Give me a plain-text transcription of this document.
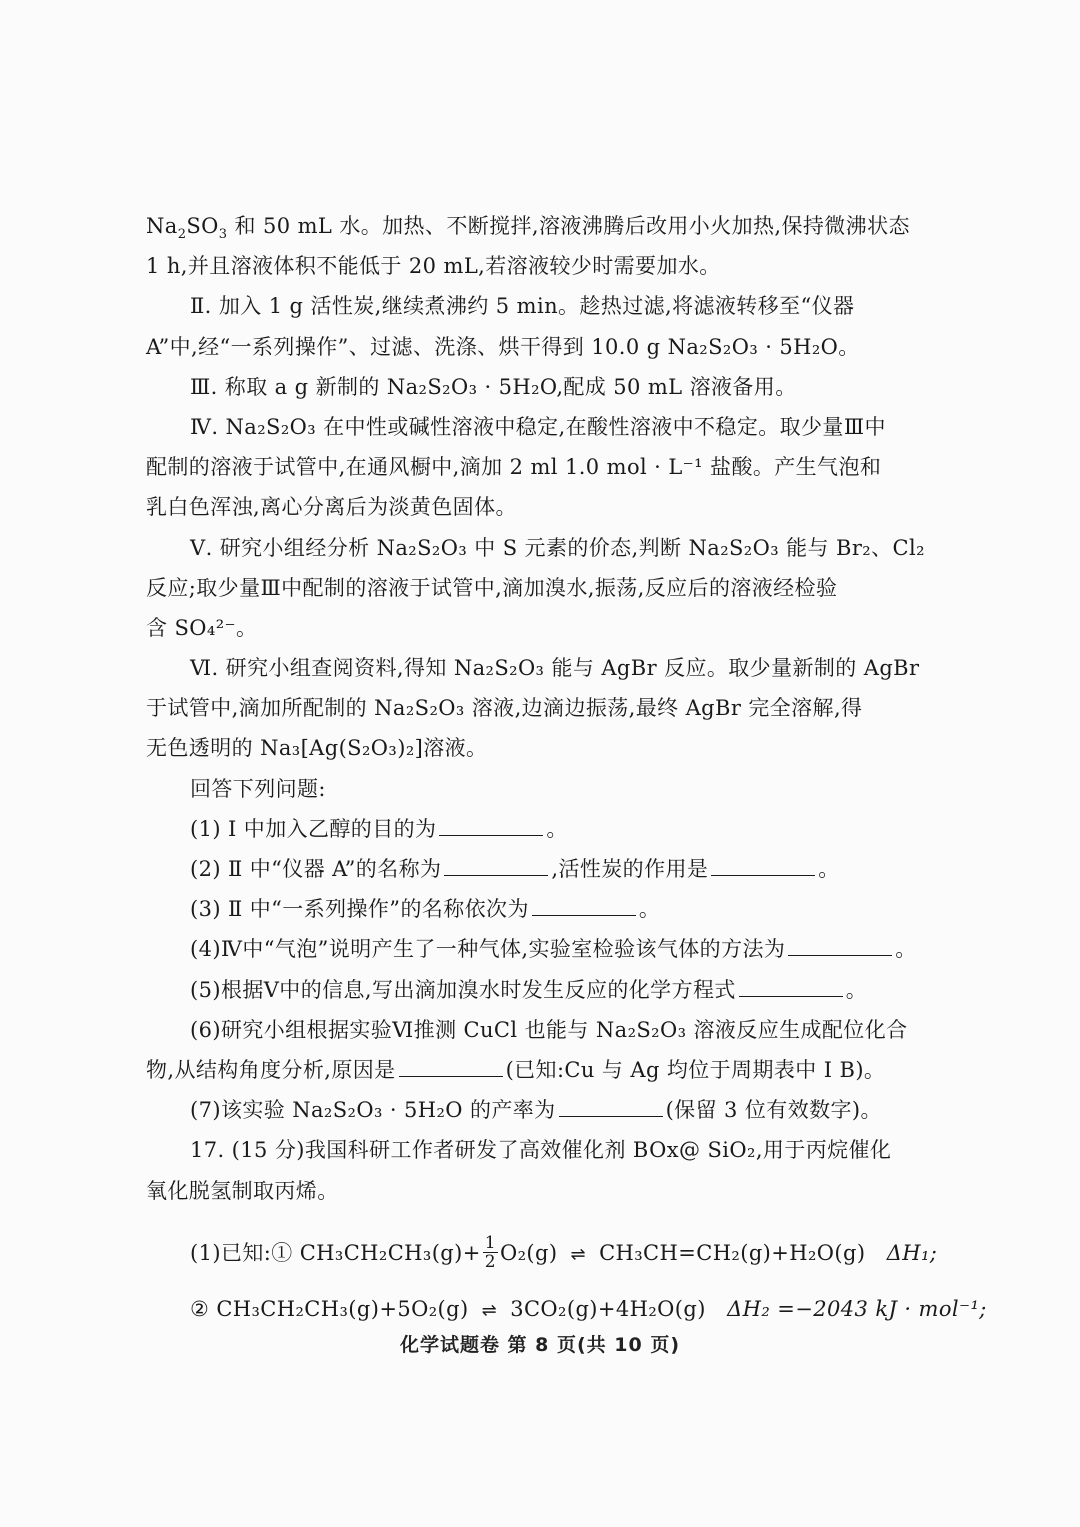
$Na_2SO_3$ 和 50 mL 水。加热、不断搅拌,溶液沸腾后改用小火加热,保持微沸状态
1 h,并且溶液体积不能低于 20 mL,若溶液较少时需要加水。
Ⅱ. 加入 1 g 活性炭,继续煮沸约 5 min。趁热过滤,将滤液转移至“仪器
A”中,经“一系列操作”、过滤、洗涤、烘干得到 10.0 g Na₂S₂O₃ · 5H₂O。
Ⅲ. 称取 a g 新制的 Na₂S₂O₃ · 5H₂O,配成 50 mL 溶液备用。
Ⅳ. Na₂S₂O₃ 在中性或碱性溶液中稳定,在酸性溶液中不稳定。取少量Ⅲ中
配制的溶液于试管中,在通风橱中,滴加 2 ml 1.0 mol · L⁻¹ 盐酸。产生气泡和
乳白色浑浊,离心分离后为淡黄色固体。
Ⅴ. 研究小组经分析 Na₂S₂O₃ 中 S 元素的价态,判断 Na₂S₂O₃ 能与 Br₂、Cl₂
反应;取少量Ⅲ中配制的溶液于试管中,滴加溴水,振荡,反应后的溶液经检验
含 SO₄²⁻。
Ⅵ. 研究小组查阅资料,得知 Na₂S₂O₃ 能与 AgBr 反应。取少量新制的 AgBr
于试管中,滴加所配制的 Na₂S₂O₃ 溶液,边滴边振荡,最终 AgBr 完全溶解,得
无色透明的 Na₃[Ag(S₂O₃)₂]溶液。
回答下列问题:
(1) Ⅰ 中加入乙醇的目的为	。
(2) Ⅱ 中“仪器 A”的名称为	,活性炭的作用是	。
(3) Ⅱ 中“一系列操作”的名称依次为	。
(4)Ⅳ中“气泡”说明产生了一种气体,实验室检验该气体的方法为	。
(5)根据Ⅴ中的信息,写出滴加溴水时发生反应的化学方程式	。
(6)研究小组根据实验Ⅵ推测 CuCl 也能与 Na₂S₂O₃ 溶液反应生成配位化合
物,从结构角度分析,原因是	(已知:Cu 与 Ag 均位于周期表中 Ⅰ B)。
(7)该实验 Na₂S₂O₃ · 5H₂O 的产率为	(保留 3 位有效数字)。
17. (15 分)我国科研工作者研发了高效催化剂 BOx@ SiO₂,用于丙烷催化
氧化脱氢制取丙烯。
(1)已知:① $CH_3CH_2CH_3(g)+ \frac{1}{2} O_2(g)$ ⇌ CH₃CH=CH₂(g)+H₂O(g) ΔH₁;
② CH₃CH₂CH₃(g)+5O₂(g) ⇌ 3CO₂(g)+4H₂O(g) ΔH₂ =−2043 kJ · mol⁻¹;
化学试题卷 第 8 页(共 10 页)
